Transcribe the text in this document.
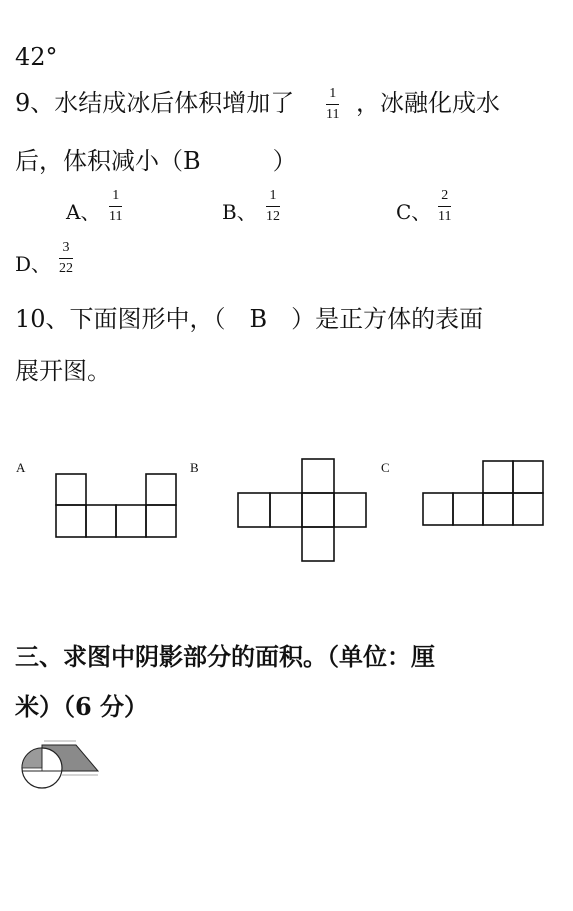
42°
9、水结成冰后体积增加了 1
11 ，冰融化成水
后，体积减小（B　　　）
A、
1
11	B、
1
12	C、
2
11
D、
3
22
10、下面图形中，（　B　）是正方体的表面
展开图。
A	B	C
三、求图中阴影部分的面积。（单位：厘
米）（6 分）
